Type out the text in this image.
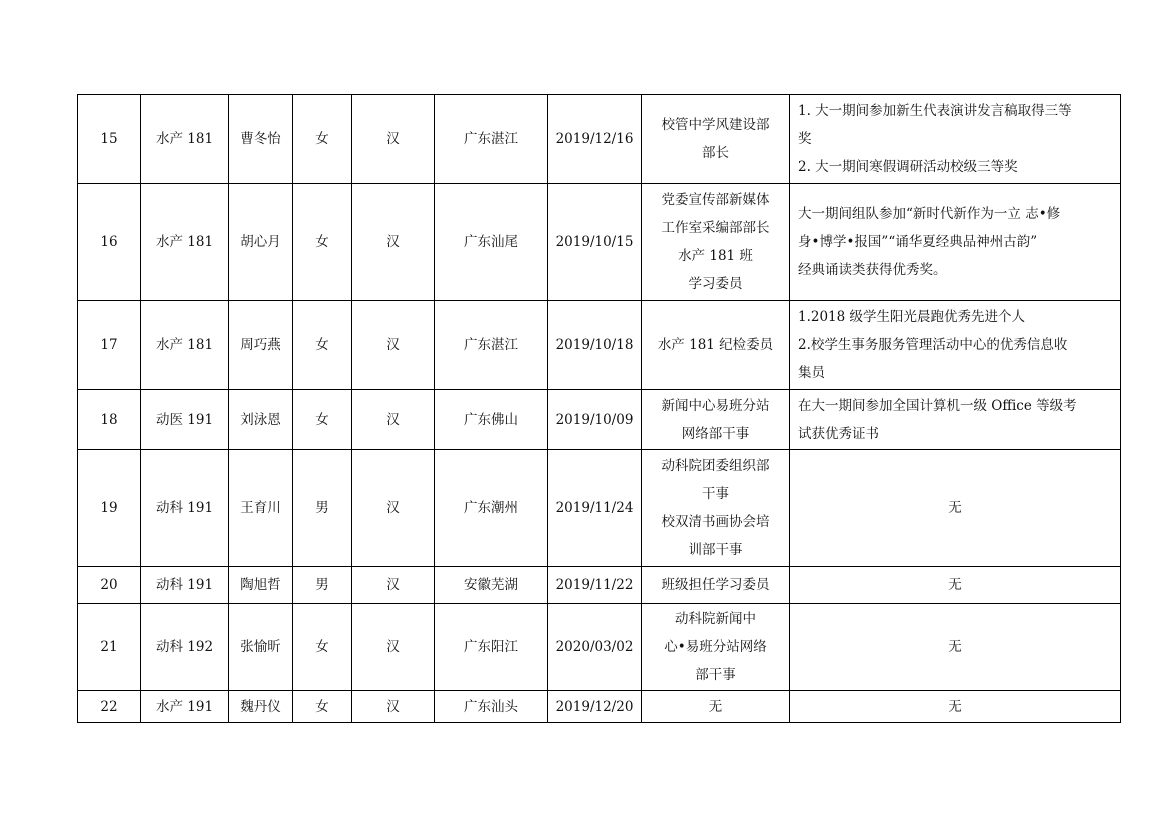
15	水产 181	曹冬怡	女	汉	广东湛江	2019/12/16	校管中学风建设部
部长	1. 大一期间参加新生代表演讲发言稿取得三等
奖
2. 大一期间寒假调研活动校级三等奖

16	水产 181	胡心月	女	汉	广东汕尾	2019/10/15	党委宣传部新媒体
工作室采编部部长
水产 181 班
学习委员	大一期间组队参加“新时代新作为一立 志•修
身•博学•报国”“诵华夏经典品神州古韵”
经典诵读类获得优秀奖。

17	水产 181	周巧燕	女	汉	广东湛江	2019/10/18	水产 181 纪检委员	1.2018 级学生阳光晨跑优秀先进个人
2.校学生事务服务管理活动中心的优秀信息收
集员

18	动医 191	刘泳恩	女	汉	广东佛山	2019/10/09	新闻中心易班分站
网络部干事	在大一期间参加全国计算机一级 Office 等级考
试获优秀证书

19	动科 191	王育川	男	汉	广东潮州	2019/11/24	动科院团委组织部
干事
校双清书画协会培
训部干事	无

20	动科 191	陶旭哲	男	汉	安徽芜湖	2019/11/22	班级担任学习委员	无

21	动科 192	张愉昕	女	汉	广东阳江	2020/03/02	动科院新闻中
心•易班分站网络
部干事	无

22	水产 191	魏丹仪	女	汉	广东汕头	2019/12/20	无	无
